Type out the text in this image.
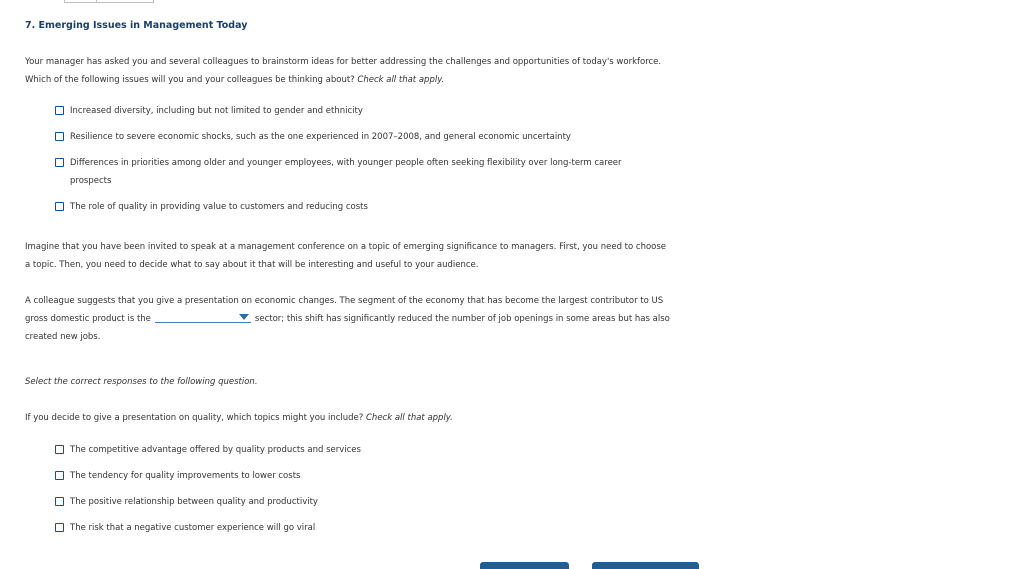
7. Emerging Issues in Management Today
Your manager has asked you and several colleagues to brainstorm ideas for better addressing the challenges and opportunities of today's workforce.
Which of the following issues will you and your colleagues be thinking about? Check all that apply.
Increased diversity, including but not limited to gender and ethnicity
Resilience to severe economic shocks, such as the one experienced in 2007–2008, and general economic uncertainty
Differences in priorities among older and younger employees, with younger people often seeking flexibility over long-term career
prospects
The role of quality in providing value to customers and reducing costs
Imagine that you have been invited to speak at a management conference on a topic of emerging significance to managers. First, you need to choose
a topic. Then, you need to decide what to say about it that will be interesting and useful to your audience.
A colleague suggests that you give a presentation on economic changes. The segment of the economy that has become the largest contributor to US
gross domestic product is the	sector; this shift has significantly reduced the number of job openings in some areas but has also
created new jobs.
Select the correct responses to the following question.
If you decide to give a presentation on quality, which topics might you include? Check all that apply.
The competitive advantage offered by quality products and services
The tendency for quality improvements to lower costs
The positive relationship between quality and productivity
The risk that a negative customer experience will go viral
